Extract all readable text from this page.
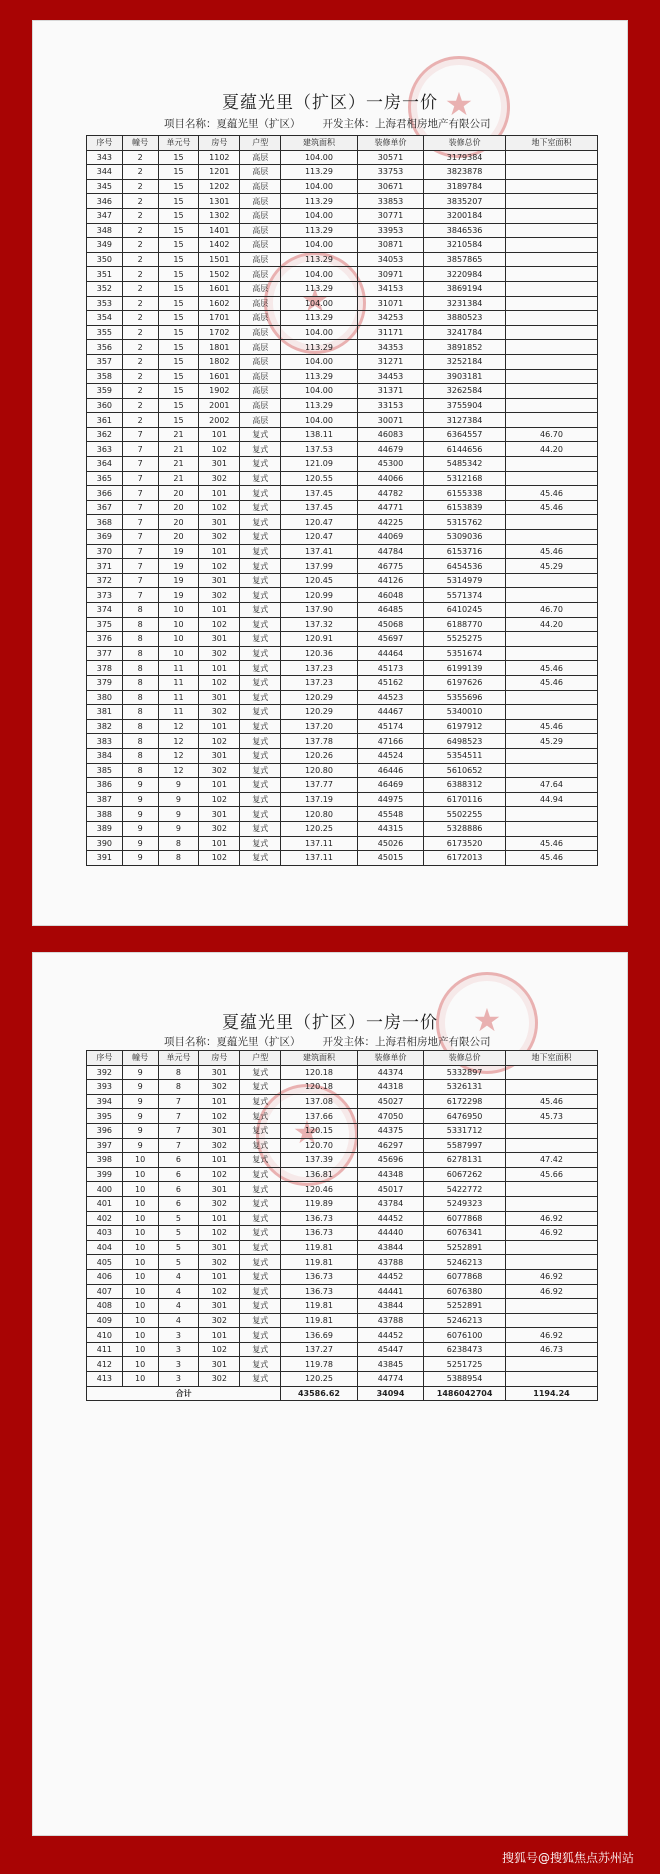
★
★
夏蕴光里（扩区）一房一价
项目名称：夏蕴光里（扩区） 开发主体：上海君相房地产有限公司
序号	幢号	单元号	房号	户型	建筑面积	装修单价	装修总价	地下室面积
343	2	15	1102	高层	104.00	30571	3179384	
344	2	15	1201	高层	113.29	33753	3823878	
345	2	15	1202	高层	104.00	30671	3189784	
346	2	15	1301	高层	113.29	33853	3835207	
347	2	15	1302	高层	104.00	30771	3200184	
348	2	15	1401	高层	113.29	33953	3846536	
349	2	15	1402	高层	104.00	30871	3210584	
350	2	15	1501	高层	113.29	34053	3857865	
351	2	15	1502	高层	104.00	30971	3220984	
352	2	15	1601	高层	113.29	34153	3869194	
353	2	15	1602	高层	104.00	31071	3231384	
354	2	15	1701	高层	113.29	34253	3880523	
355	2	15	1702	高层	104.00	31171	3241784	
356	2	15	1801	高层	113.29	34353	3891852	
357	2	15	1802	高层	104.00	31271	3252184	
358	2	15	1601	高层	113.29	34453	3903181	
359	2	15	1902	高层	104.00	31371	3262584	
360	2	15	2001	高层	113.29	33153	3755904	
361	2	15	2002	高层	104.00	30071	3127384	
362	7	21	101	复式	138.11	46083	6364557	46.70
363	7	21	102	复式	137.53	44679	6144656	44.20
364	7	21	301	复式	121.09	45300	5485342	
365	7	21	302	复式	120.55	44066	5312168	
366	7	20	101	复式	137.45	44782	6155338	45.46
367	7	20	102	复式	137.45	44771	6153839	45.46
368	7	20	301	复式	120.47	44225	5315762	
369	7	20	302	复式	120.47	44069	5309036	
370	7	19	101	复式	137.41	44784	6153716	45.46
371	7	19	102	复式	137.99	46775	6454536	45.29
372	7	19	301	复式	120.45	44126	5314979	
373	7	19	302	复式	120.99	46048	5571374	
374	8	10	101	复式	137.90	46485	6410245	46.70
375	8	10	102	复式	137.32	45068	6188770	44.20
376	8	10	301	复式	120.91	45697	5525275	
377	8	10	302	复式	120.36	44464	5351674	
378	8	11	101	复式	137.23	45173	6199139	45.46
379	8	11	102	复式	137.23	45162	6197626	45.46
380	8	11	301	复式	120.29	44523	5355696	
381	8	11	302	复式	120.29	44467	5340010	
382	8	12	101	复式	137.20	45174	6197912	45.46
383	8	12	102	复式	137.78	47166	6498523	45.29
384	8	12	301	复式	120.26	44524	5354511	
385	8	12	302	复式	120.80	46446	5610652	
386	9	9	101	复式	137.77	46469	6388312	47.64
387	9	9	102	复式	137.19	44975	6170116	44.94
388	9	9	301	复式	120.80	45548	5502255	
389	9	9	302	复式	120.25	44315	5328886	
390	9	8	101	复式	137.11	45026	6173520	45.46
391	9	8	102	复式	137.11	45015	6172013	45.46
★
★
夏蕴光里（扩区）一房一价
项目名称：夏蕴光里（扩区） 开发主体：上海君相房地产有限公司
序号	幢号	单元号	房号	户型	建筑面积	装修单价	装修总价	地下室面积
392	9	8	301	复式	120.18	44374	5332897	
393	9	8	302	复式	120.18	44318	5326131	
394	9	7	101	复式	137.08	45027	6172298	45.46
395	9	7	102	复式	137.66	47050	6476950	45.73
396	9	7	301	复式	120.15	44375	5331712	
397	9	7	302	复式	120.70	46297	5587997	
398	10	6	101	复式	137.39	45696	6278131	47.42
399	10	6	102	复式	136.81	44348	6067262	45.66
400	10	6	301	复式	120.46	45017	5422772	
401	10	6	302	复式	119.89	43784	5249323	
402	10	5	101	复式	136.73	44452	6077868	46.92
403	10	5	102	复式	136.73	44440	6076341	46.92
404	10	5	301	复式	119.81	43844	5252891	
405	10	5	302	复式	119.81	43788	5246213	
406	10	4	101	复式	136.73	44452	6077868	46.92
407	10	4	102	复式	136.73	44441	6076380	46.92
408	10	4	301	复式	119.81	43844	5252891	
409	10	4	302	复式	119.81	43788	5246213	
410	10	3	101	复式	136.69	44452	6076100	46.92
411	10	3	102	复式	137.27	45447	6238473	46.73
412	10	3	301	复式	119.78	43845	5251725	
413	10	3	302	复式	120.25	44774	5388954	
合计					43586.62	34094	1486042704	1194.24
搜狐号@搜狐焦点苏州站
